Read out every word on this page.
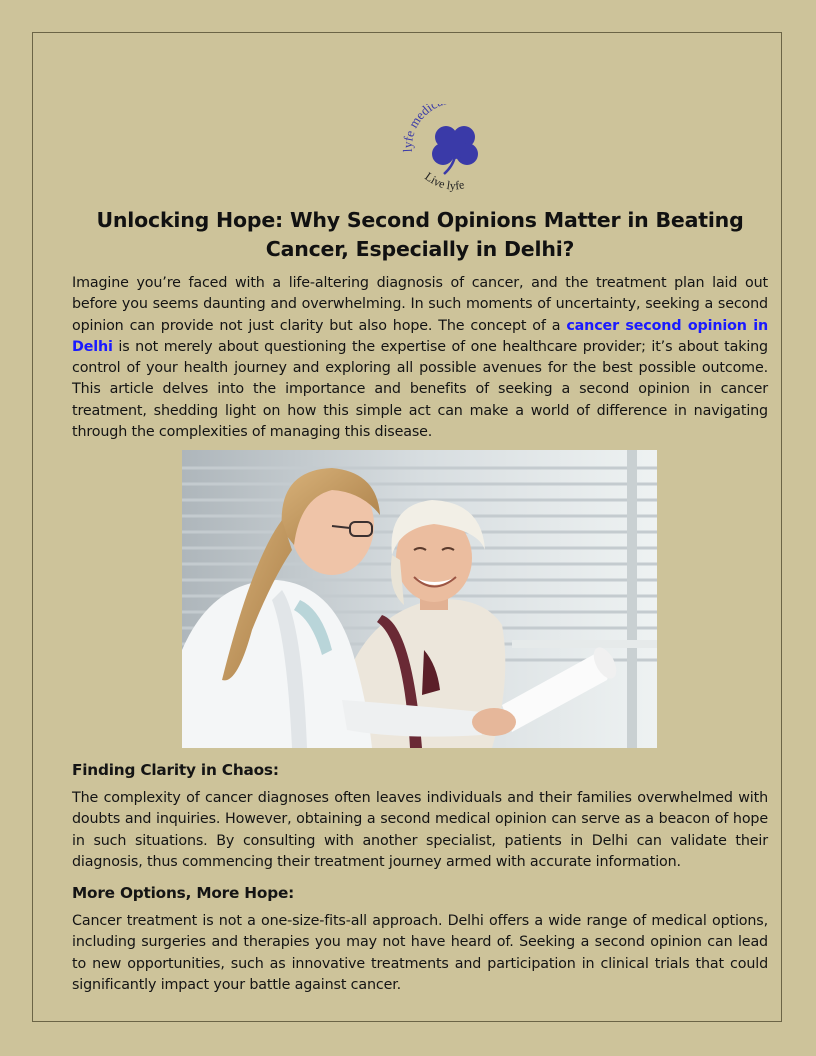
lyfe medic
Live lyfe
Unlocking Hope: Why Second Opinions Matter in Beating Cancer, Especially in Delhi?

Imagine you’re faced with a life-altering diagnosis of cancer, and the treatment plan laid out before you seems daunting and overwhelming. In such moments of uncertainty, seeking a second opinion can provide not just clarity but also hope. The concept of a cancer second opinion in Delhi is not merely about questioning the expertise of one healthcare provider; it’s about taking control of your health journey and exploring all possible avenues for the best possible outcome. This article delves into the importance and benefits of seeking a second opinion in cancer treatment, shedding light on how this simple act can make a world of difference in navigating through the complexities of managing this disease.

Finding Clarity in Chaos:

The complexity of cancer diagnoses often leaves individuals and their families overwhelmed with doubts and inquiries. However, obtaining a second medical opinion can serve as a beacon of hope in such situations. By consulting with another specialist, patients in Delhi can validate their diagnosis, thus commencing their treatment journey armed with accurate information.

More Options, More Hope:

Cancer treatment is not a one-size-fits-all approach. Delhi offers a wide range of medical options, including surgeries and therapies you may not have heard of. Seeking a second opinion can lead to new opportunities, such as innovative treatments and participation in clinical trials that could significantly impact your battle against cancer.
